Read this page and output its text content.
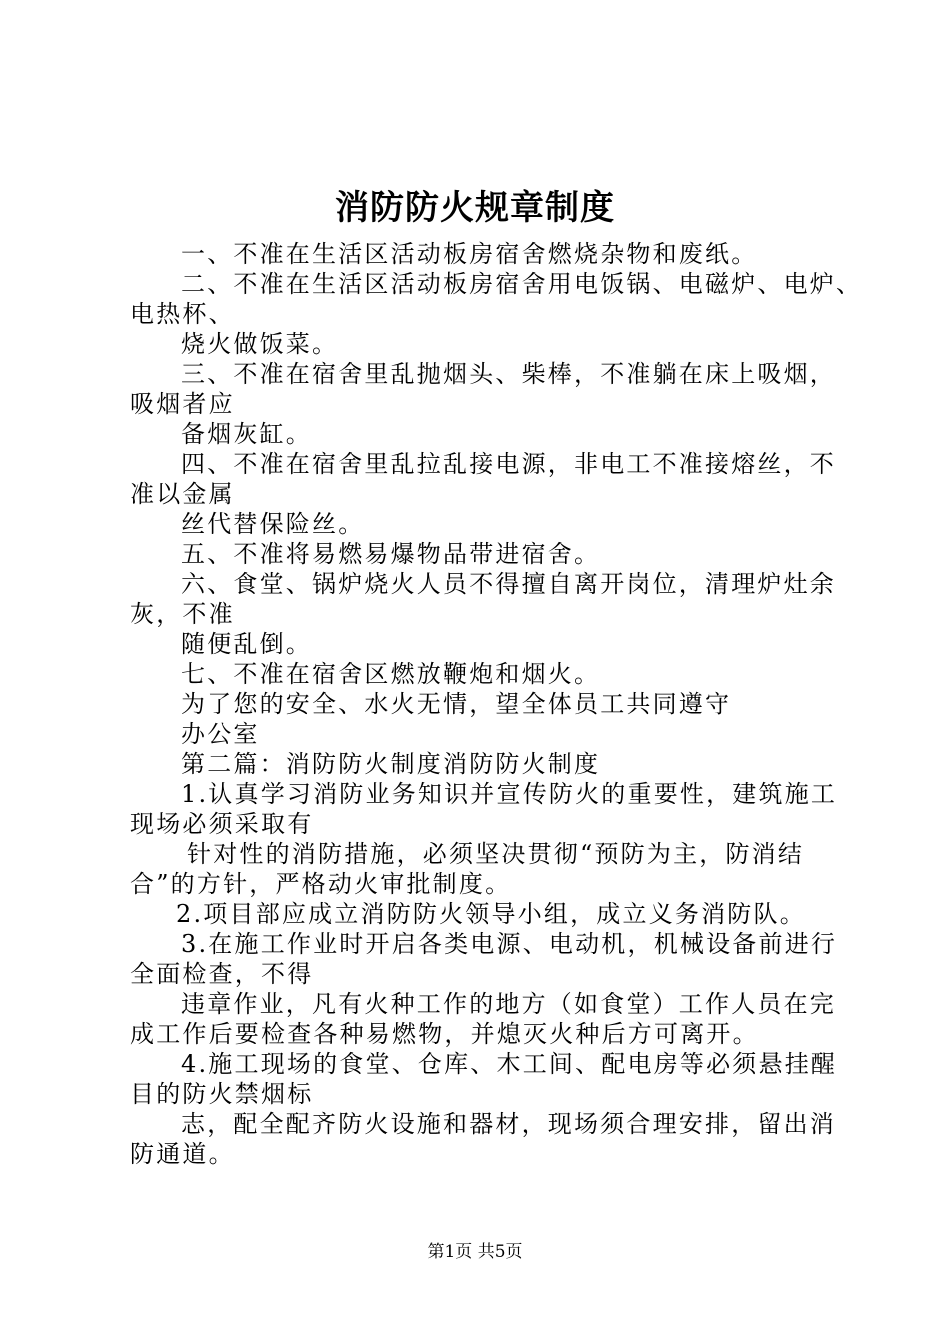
消防防火规章制度
一、不准在生活区活动板房宿舍燃烧杂物和废纸。
二、不准在生活区活动板房宿舍用电饭锅、电磁炉、电炉、
电热杯、
烧火做饭菜。
三、不准在宿舍里乱抛烟头、柴棒，不准躺在床上吸烟，
吸烟者应
备烟灰缸。
四、不准在宿舍里乱拉乱接电源，非电工不准接熔丝，不
准以金属
丝代替保险丝。
五、不准将易燃易爆物品带进宿舍。
六、食堂、锅炉烧火人员不得擅自离开岗位，清理炉灶余
灰，不准
随便乱倒。
七、不准在宿舍区燃放鞭炮和烟火。
为了您的安全、水火无情，望全体员工共同遵守
办公室
第二篇：消防防火制度消防防火制度
1.认真学习消防业务知识并宣传防火的重要性，建筑施工
现场必须采取有
针对性的消防措施，必须坚决贯彻“预防为主，防消结
合”的方针，严格动火审批制度。
2.项目部应成立消防防火领导小组，成立义务消防队。
3.在施工作业时开启各类电源、电动机，机械设备前进行
全面检查，不得
违章作业，凡有火种工作的地方（如食堂）工作人员在完
成工作后要检查各种易燃物，并熄灭火种后方可离开。
4.施工现场的食堂、仓库、木工间、配电房等必须悬挂醒
目的防火禁烟标
志，配全配齐防火设施和器材，现场须合理安排，留出消
防通道。
第1页 共5页
